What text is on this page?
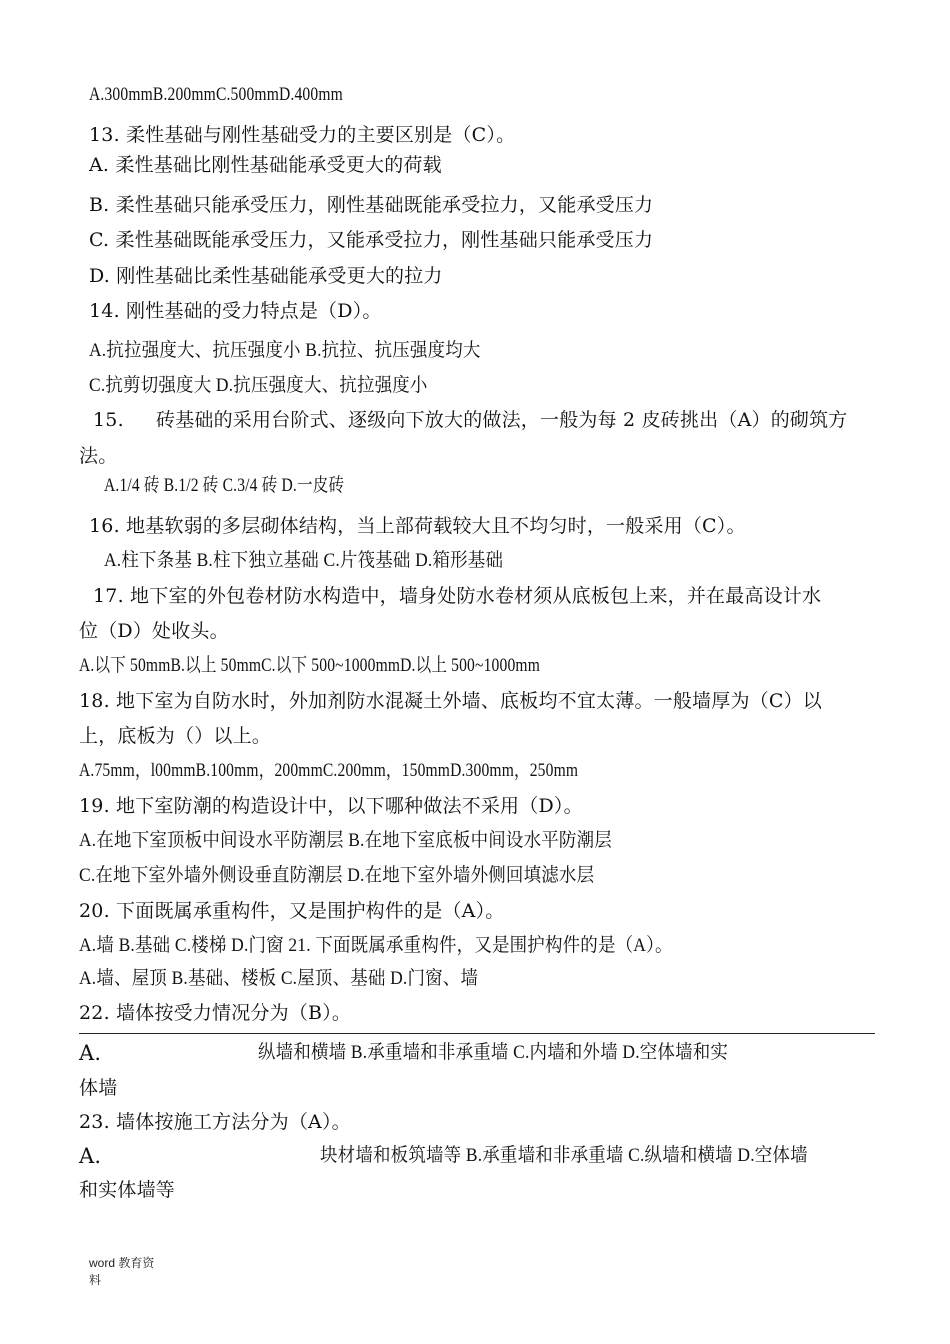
A.300mmB.200mmC.500mmD.400mm
13. 柔性基础与刚性基础受力的主要区别是（C）。
A. 柔性基础比刚性基础能承受更大的荷载
B. 柔性基础只能承受压力，刚性基础既能承受拉力，又能承受压力
C. 柔性基础既能承受压力，又能承受拉力，刚性基础只能承受压力
D. 刚性基础比柔性基础能承受更大的拉力
14. 刚性基础的受力特点是（D）。
A.抗拉强度大、抗压强度小 B.抗拉、抗压强度均大
C.抗剪切强度大 D.抗压强度大、抗拉强度小
15. 砖基础的采用台阶式、逐级向下放大的做法，一般为每 2 皮砖挑出（A）的砌筑方
法。
A.1/4 砖 B.1/2 砖 C.3/4 砖 D.一皮砖
16. 地基软弱的多层砌体结构，当上部荷载较大且不均匀时，一般采用（C）。
A.柱下条基 B.柱下独立基础 C.片筏基础 D.箱形基础
17. 地下室的外包卷材防水构造中，墙身处防水卷材须从底板包上来，并在最高设计水
位（D）处收头。
A.以下 50mmB.以上 50mmC.以下 500~1000mmD.以上 500~1000mm
18. 地下室为自防水时，外加剂防水混凝土外墙、底板均不宜太薄。一般墙厚为（C）以
上，底板为（）以上。
A.75mm，l00mmB.100mm，200mmC.200mm，150mmD.300mm，250mm
19. 地下室防潮的构造设计中，以下哪种做法不采用（D）。
A.在地下室顶板中间设水平防潮层 B.在地下室底板中间设水平防潮层
C.在地下室外墙外侧设垂直防潮层 D.在地下室外墙外侧回填滤水层
20. 下面既属承重构件，又是围护构件的是（A）。
A.墙 B.基础 C.楼梯 D.门窗 21. 下面既属承重构件，又是围护构件的是（A）。
A.墙、屋顶 B.基础、楼板 C.屋顶、基础 D.门窗、墙
22. 墙体按受力情况分为（B）。
A.	纵墙和横墙 B.承重墙和非承重墙 C.内墙和外墙 D.空体墙和实
体墙
23. 墙体按施工方法分为（A）。
A.	块材墙和板筑墙等 B.承重墙和非承重墙 C.纵墙和横墙 D.空体墙
和实体墙等
word 教育资
料
